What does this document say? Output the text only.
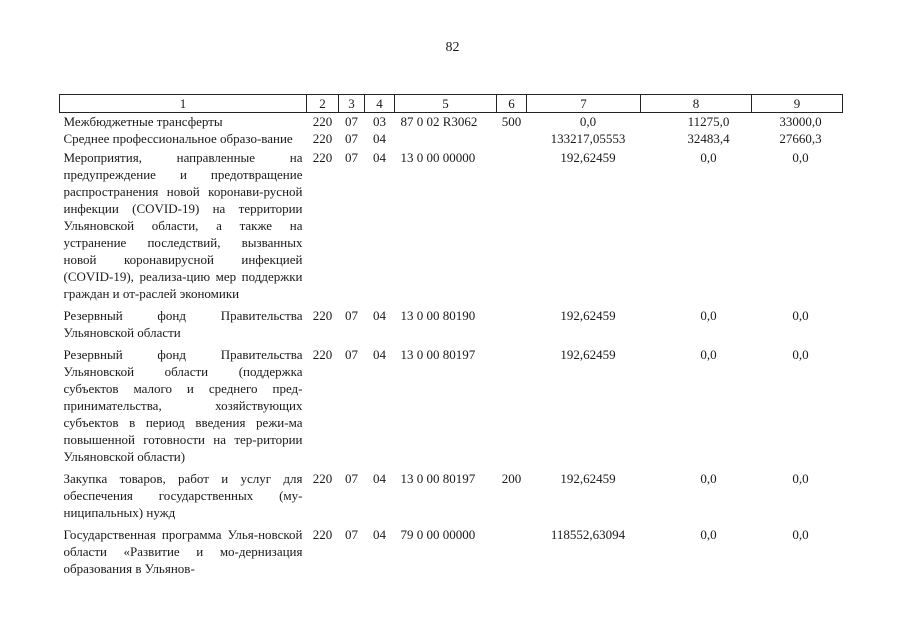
82
1	2	3	4	5	6	7	8	9
Межбюджетные трансферты	220	07	03	87 0 02 R3062	500	0,0	11275,0	33000,0
Среднее профессиональное образо-вание	220	07	04			133217,05553	32483,4	27660,3
Мероприятия, направленные на предупреждение и предотвращение распространения новой коронави-русной инфекции (COVID-19) на территории Ульяновской области, а также на устранение последствий, вызванных новой коронавирусной инфекцией (COVID-19), реализа-цию мер поддержки граждан и от-раслей экономики	220	07	04	13 0 00 00000		192,62459	0,0	0,0
Резервный фонд Правительства Ульяновской области	220	07	04	13 0 00 80190		192,62459	0,0	0,0
Резервный фонд Правительства Ульяновской области (поддержка субъектов малого и среднего пред-принимательства, хозяйствующих субъектов в период введения режи-ма повышенной готовности на тер-ритории Ульяновской области)	220	07	04	13 0 00 80197		192,62459	0,0	0,0
Закупка товаров, работ и услуг для обеспечения государственных (му-ниципальных) нужд	220	07	04	13 0 00 80197	200	192,62459	0,0	0,0
Государственная программа Улья-новской области «Развитие и мо-дернизация образования в Ульянов-	220	07	04	79 0 00 00000		118552,63094	0,0	0,0
